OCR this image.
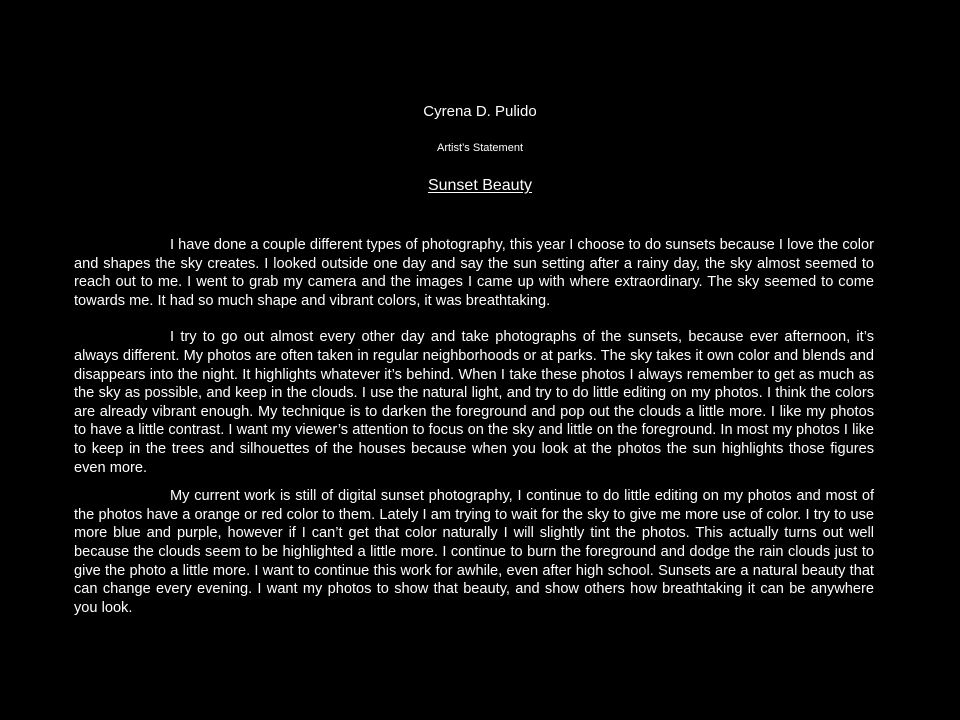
Cyrena D. Pulido
Artist’s Statement
Sunset Beauty

I have done a couple different types of photography, this year I choose to do sunsets because I love the color and shapes the sky creates. I looked outside one day and say the sun setting after a rainy day, the sky almost seemed to reach out to me. I went to grab my camera and the images I came up with where extraordinary. The sky seemed to come towards me. It had so much shape and vibrant colors, it was breathtaking.

I try to go out almost every other day and take photographs of the sunsets, because ever afternoon, it’s always different. My photos are often taken in regular neighborhoods or at parks. The sky takes it own color and blends and disappears into the night. It highlights whatever it’s behind. When I take these photos I always remember to get as much as the sky as possible, and keep in the clouds. I use the natural light, and try to do little editing on my photos. I think the colors are already vibrant enough. My technique is to darken the foreground and pop out the clouds a little more. I like my photos to have a little contrast. I want my viewer’s attention to focus on the sky and little on the foreground. In most my photos I like to keep in the trees and silhouettes of the houses because when you look at the photos the sun highlights those figures even more.

My current work is still of digital sunset photography, I continue to do little editing on my photos and most of the photos have a orange or red color to them. Lately I am trying to wait for the sky to give me more use of color. I try to use more blue and purple, however if I can’t get that color naturally I will slightly tint the photos. This actually turns out well because the clouds seem to be highlighted a little more. I continue to burn the foreground and dodge the rain clouds just to give the photo a little more. I want to continue this work for awhile, even after high school. Sunsets are a natural beauty that can change every evening. I want my photos to show that beauty, and show others how breathtaking it can be anywhere you look.
